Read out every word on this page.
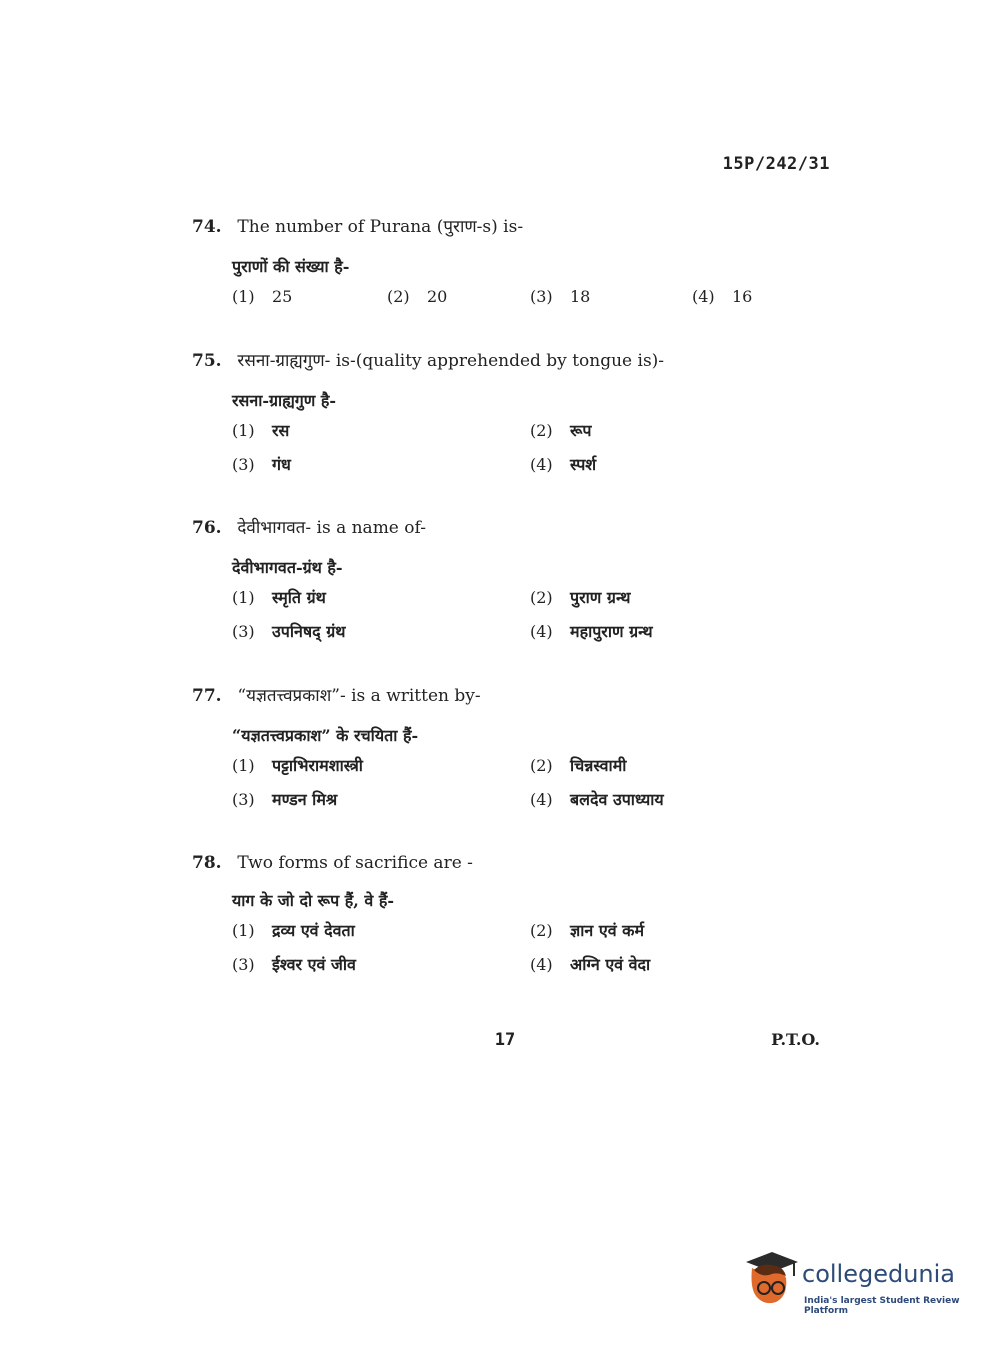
15P/242/31
74. The number of Purana (पुराण-s) is-
पुराणों की संख्या है-
(1) 25	(2) 20	(3) 18	(4) 16
75. रसना-ग्राह्यगुण- is-(quality apprehended by tongue is)-
रसना-ग्राह्यगुण है-
(1) रस	(2) रूप
(3) गंध	(4) स्पर्श
76. देवीभागवत- is a name of-
देवीभागवत-ग्रंथ है-
(1) स्मृति ग्रंथ	(2) पुराण ग्रन्थ
(3) उपनिषद् ग्रंथ	(4) महापुराण ग्रन्थ
77. “यज्ञतत्त्वप्रकाश”- is a written by-
“यज्ञतत्त्वप्रकाश” के रचयिता हैं-
(1) पट्टाभिरामशास्त्री	(2) चिन्नस्वामी
(3) मण्डन मिश्र	(4) बलदेव उपाध्याय
78. Two forms of sacrifice are -
याग के जो दो रूप हैं, वे हैं-
(1) द्रव्य एवं देवता	(2) ज्ञान एवं कर्म
(3) ईश्वर एवं जीव	(4) अग्नि एवं वेदा
17	P.T.O.
collegedunia
India's largest Student Review Platform
